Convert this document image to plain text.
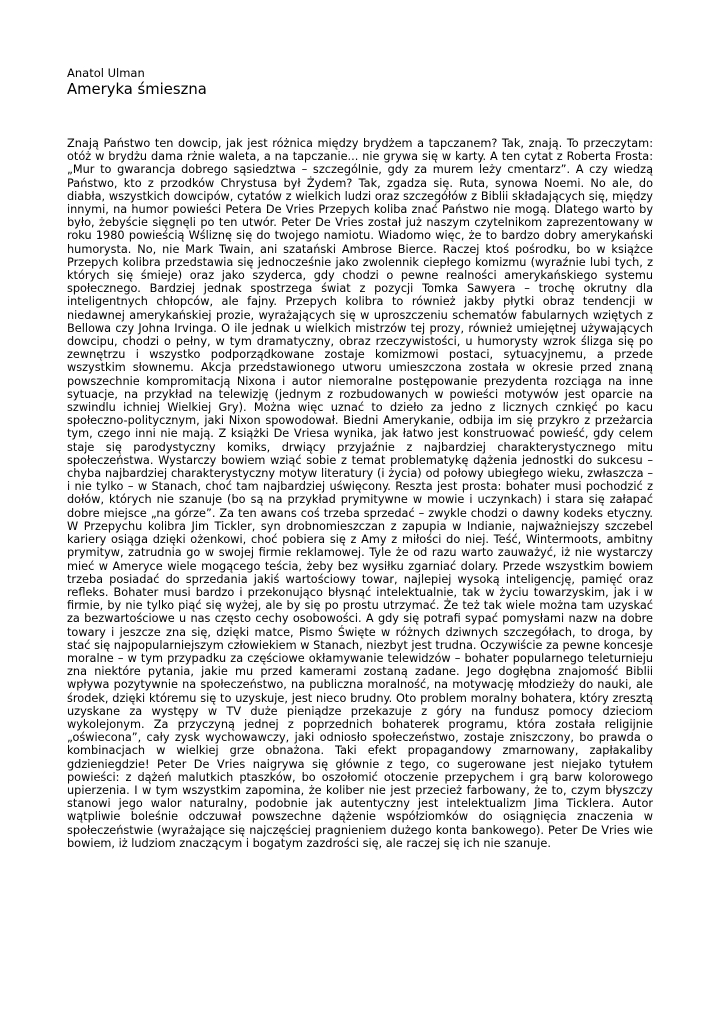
Anatol Ulman

Ameryka śmieszna
Znają Państwo ten dowcip, jak jest różnica między brydżem a tapczanem? Tak, znają. To przeczytam: otóż w brydżu dama rżnie waleta, a na tapczanie... nie grywa się w karty. A ten cytat z Roberta Frosta: „Mur to gwarancja dobrego sąsiedztwa – szczególnie, gdy za murem leży cmentarz”. A czy wiedzą Państwo, kto z przodków Chrystusa był Żydem? Tak, zgadza się. Ruta, synowa Noemi. No ale, do diabła, wszystkich dowcipów, cytatów z wielkich ludzi oraz szczegółów z Biblii składających się, między innymi, na humor powieści Petera De Vries Przepych koliba znać Państwo nie mogą. Dlatego warto by było, żebyście sięgnęli po ten utwór. Peter De Vries został już naszym czytelnikom zaprezentowany w roku 1980 powieścią Wśliznę się do twojego namiotu. Wiadomo więc, że to bardzo dobry amerykański humorysta. No, nie Mark Twain, ani szatański Ambrose Bierce. Raczej ktoś pośrodku, bo w książce Przepych kolibra przedstawia się jednocześnie jako zwolennik ciepłego komizmu (wyraźnie lubi tych, z których się śmieje) oraz jako szyderca, gdy chodzi o pewne realności amerykańskiego systemu społecznego. Bardziej jednak spostrzega świat z pozycji Tomka Sawyera – trochę okrutny dla inteligentnych chłopców, ale fajny. Przepych kolibra to również jakby płytki obraz tendencji w niedawnej amerykańskiej prozie, wyrażających się w uproszczeniu schematów fabularnych wziętych z Bellowa czy Johna Irvinga. O ile jednak u wielkich mistrzów tej prozy, również umiejętnej używających dowcipu, chodzi o pełny, w tym dramatyczny, obraz rzeczywistości, u humorysty wzrok ślizga się po zewnętrzu i wszystko podporządkowane zostaje komizmowi postaci, sytuacyjnemu, a przede wszystkim słownemu. Akcja przedstawionego utworu umieszczona została w okresie przed znaną powszechnie kompromitacją Nixona i autor niemoralne postępowanie prezydenta rozciąga na inne sytuacje, na przykład na telewizję (jednym z rozbudowanych w powieści motywów jest oparcie na szwindlu ichniej Wielkiej Gry). Można więc uznać to dzieło za jedno z licznych cznkięć po kacu społeczno-politycznym, jaki Nixon spowodował. Biedni Amerykanie, odbija im się przykro z przeżarcia tym, czego inni nie mają. Z książki De Vriesa wynika, jak łatwo jest konstruować powieść, gdy celem staje się parodystyczny komiks, drwiący przyjaźnie z najbardziej charakterystycznego mitu społeczeństwa. Wystarczy bowiem wziąć sobie z temat problematykę dążenia jednostki do sukcesu – chyba najbardziej charakterystyczny motyw literatury (i życia) od połowy ubiegłego wieku, zwłaszcza – i nie tylko – w Stanach, choć tam najbardziej uświęcony. Reszta jest prosta: bohater musi pochodzić z dołów, których nie szanuje (bo są na przykład prymitywne w mowie i uczynkach) i stara się załapać dobre miejsce „na górze”. Za ten awans coś trzeba sprzedać – zwykle chodzi o dawny kodeks etyczny. W Przepychu kolibra Jim Tickler, syn drobnomieszczan z zapupia w Indianie, najważniejszy szczebel kariery osiąga dzięki ożenkowi, choć pobiera się z Amy z miłości do niej. Teść, Wintermoots, ambitny prymityw, zatrudnia go w swojej firmie reklamowej. Tyle że od razu warto zauważyć, iż nie wystarczy mieć w Ameryce wiele mogącego teścia, żeby bez wysiłku zgarniać dolary. Przede wszystkim bowiem trzeba posiadać do sprzedania jakiś wartościowy towar, najlepiej wysoką inteligencję, pamięć oraz refleks. Bohater musi bardzo i przekonująco błysnąć intelektualnie, tak w życiu towarzyskim, jak i w firmie, by nie tylko piąć się wyżej, ale by się po prostu utrzymać. Że też tak wiele można tam uzyskać za bezwartościowe u nas często cechy osobowości. A gdy się potrafi sypać pomysłami nazw na dobre towary i jeszcze zna się, dzięki matce, Pismo Święte w różnych dziwnych szczegółach, to droga, by stać się najpopularniejszym człowiekiem w Stanach, niezbyt jest trudna. Oczywiście za pewne koncesje moralne – w tym przypadku za częściowe okłamywanie telewidzów – bohater popularnego teleturnieju zna niektóre pytania, jakie mu przed kamerami zostaną zadane. Jego dogłębna znajomość Biblii wpływa pozytywnie na społeczeństwo, na publiczna moralność, na motywację młodzieży do nauki, ale środek, dzięki któremu się to uzyskuje, jest nieco brudny. Oto problem moralny bohatera, który zresztą uzyskane za występy w TV duże pieniądze przekazuje z góry na fundusz pomocy dzieciom wykolejonym. Za przyczyną jednej z poprzednich bohaterek programu, która została religijnie „oświecona”, cały zysk wychowawczy, jaki odniosło społeczeństwo, zostaje zniszczony, bo prawda o kombinacjach w wielkiej grze obnażona. Taki efekt propagandowy zmarnowany, zapłakaliby gdzieniegdzie! Peter De Vries naigrywa się głównie z tego, co sugerowane jest niejako tytułem powieści: z dążeń malutkich ptaszków, bo oszołomić otoczenie przepychem i grą barw kolorowego upierzenia. I w tym wszystkim zapomina, że koliber nie jest przecież farbowany, że to, czym błyszczy stanowi jego walor naturalny, podobnie jak autentyczny jest intelektualizm Jima Ticklera. Autor wątpliwie boleśnie odczuwał powszechne dążenie współziomków do osiągnięcia znaczenia w społeczeństwie (wyrażające się najczęściej pragnieniem dużego konta bankowego). Peter De Vries wie bowiem, iż ludziom znaczącym i bogatym zazdrości się, ale raczej się ich nie szanuje.
